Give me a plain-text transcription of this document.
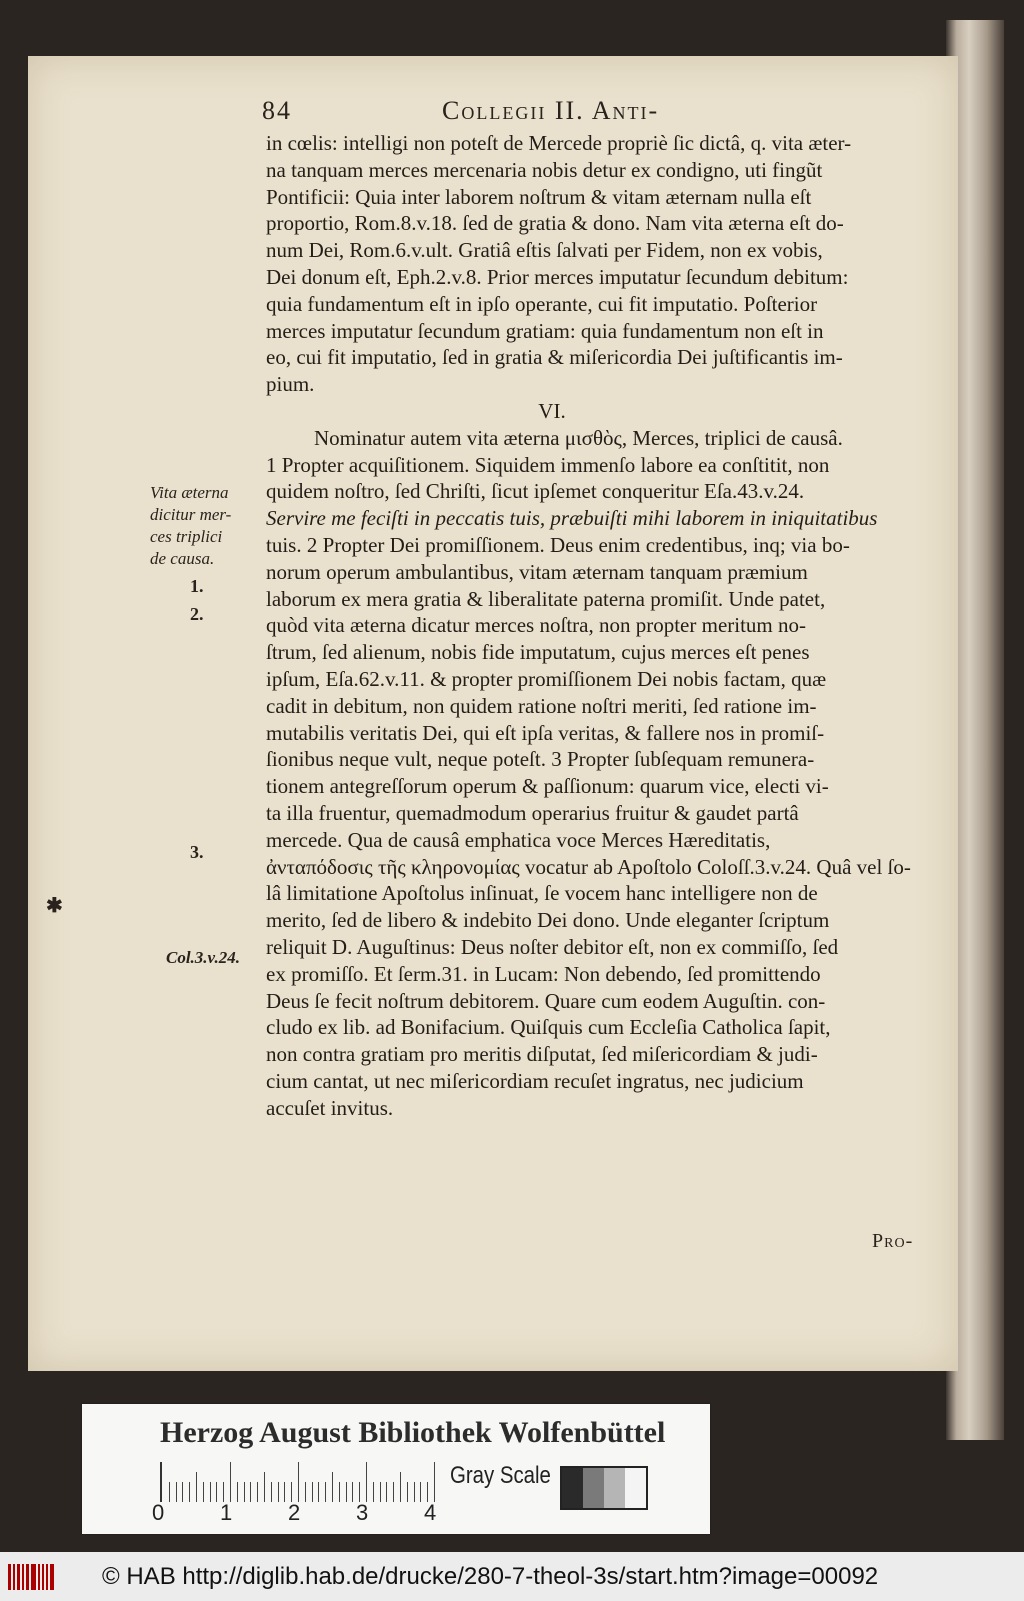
84	Collegii II. Anti-
in cœlis: intelligi non poteſt de Mercede propriè ſic dictâ, q. vita æter-
na tanquam merces mercenaria nobis detur ex condigno, uti fingũt
Pontificii: Quia inter laborem noſtrum & vitam æternam nulla eſt
proportio, Rom.8.v.18. ſed de gratia & dono. Nam vita æterna eſt do-
num Dei, Rom.6.v.ult. Gratiâ eſtis ſalvati per Fidem, non ex vobis,
Dei donum eſt, Eph.2.v.8. Prior merces imputatur ſecundum debitum:
quia fundamentum eſt in ipſo operante, cui fit imputatio. Poſterior
merces imputatur ſecundum gratiam: quia fundamentum non eſt in
eo, cui fit imputatio, ſed in gratia & miſericordia Dei juſtificantis im-
pium.
VI.
Nominatur autem vita æterna μισθὸς, Merces, triplici de causâ.
1 Propter acquiſitionem. Siquidem immenſo labore ea conſtitit, non
quidem noſtro, ſed Chriſti, ſicut ipſemet conqueritur Eſa.43.v.24.
Servire me feciſti in peccatis tuis, præbuiſti mihi laborem in iniquitatibus
tuis. 2 Propter Dei promiſſionem. Deus enim credentibus, inq; via bo-
norum operum ambulantibus, vitam æternam tanquam præmium
laborum ex mera gratia & liberalitate paterna promiſit. Unde patet,
quòd vita æterna dicatur merces noſtra, non propter meritum no-
ſtrum, ſed alienum, nobis fide imputatum, cujus merces eſt penes
ipſum, Eſa.62.v.11. & propter promiſſionem Dei nobis factam, quæ
cadit in debitum, non quidem ratione noſtri meriti, ſed ratione im-
mutabilis veritatis Dei, qui eſt ipſa veritas, & fallere nos in promiſ-
ſionibus neque vult, neque poteſt. 3 Propter ſubſequam remunera-
tionem antegreſſorum operum & paſſionum: quarum vice, electi vi-
ta illa fruentur, quemadmodum operarius fruitur & gaudet partâ
mercede. Qua de causâ emphatica voce Merces Hæreditatis,
ἀνταπόδοσις τῆς κληρονομίας vocatur ab Apoſtolo Coloſſ.3.v.24. Quâ vel ſo-
lâ limitatione Apoſtolus inſinuat, ſe vocem hanc intelligere non de
merito, ſed de libero & indebito Dei dono. Unde eleganter ſcriptum
reliquit D. Auguſtinus: Deus noſter debitor eſt, non ex commiſſo, ſed
ex promiſſo. Et ſerm.31. in Lucam: Non debendo, ſed promittendo
Deus ſe fecit noſtrum debitorem. Quare cum eodem Auguſtin. con-
cludo ex lib. ad Bonifacium. Quiſquis cum Eccleſia Catholica ſapit,
non contra gratiam pro meritis diſputat, ſed miſericordiam & judi-
cium cantat, ut nec miſericordiam recuſet ingratus, nec judicium
accuſet invitus.
Vita æterna
dicitur mer-
ces triplici
de causa.
1.
2.
3.
✱
Col.3.v.24.
Pro-
Herzog August Bibliothek Wolfenbüttel
0	1	2	3	4
Gray Scale
© HAB http://diglib.hab.de/drucke/280-7-theol-3s/start.htm?image=00092
